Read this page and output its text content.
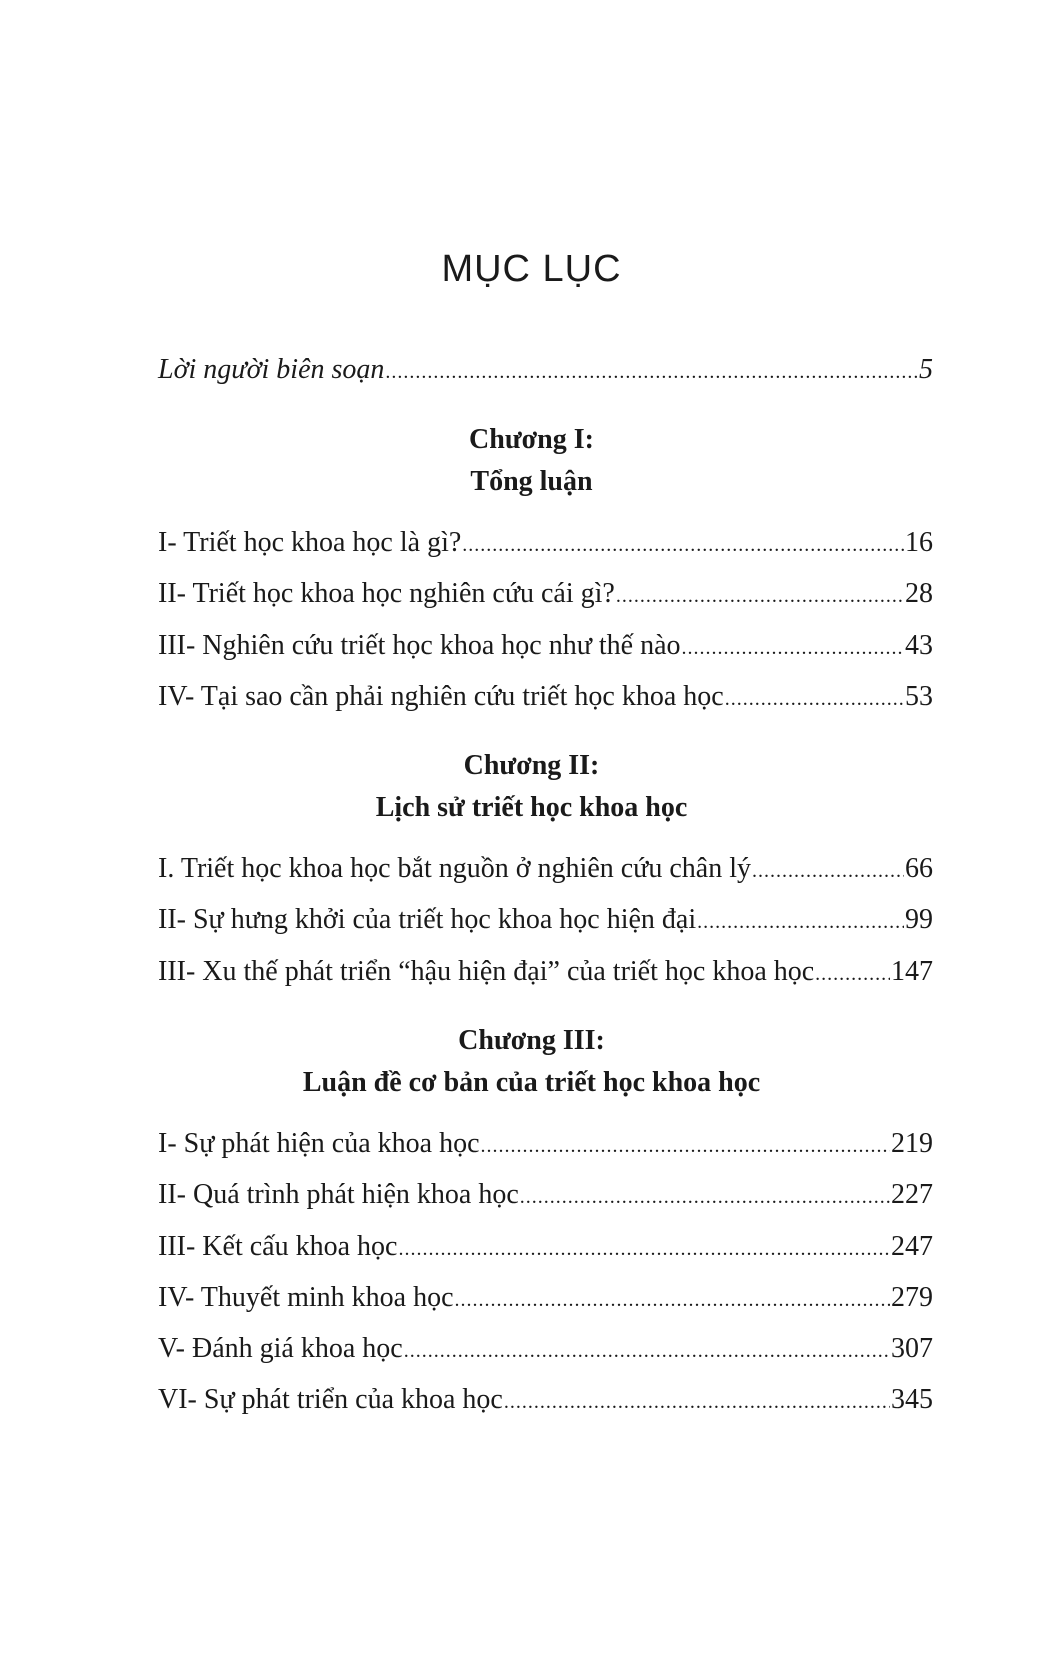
MỤC LỤC
Lời người biên soạn .....	5
Chương I:
Tổng luận
I- Triết học khoa học là gì? .....	16
II- Triết học khoa học nghiên cứu cái gì? .....	28
III- Nghiên cứu triết học khoa học như thế nào .....	43
IV- Tại sao cần phải nghiên cứu triết học khoa học .....	53
Chương II:
Lịch sử triết học khoa học
I. Triết học khoa học bắt nguồn ở nghiên cứu chân lý .....	66
II- Sự hưng khởi của triết học khoa học hiện đại .....	99
III- Xu thế phát triển “hậu hiện đại” của triết học khoa học .....	147
Chương III:
Luận đề cơ bản của triết học khoa học
I- Sự phát hiện của khoa học .....	219
II- Quá trình phát hiện khoa học .....	227
III- Kết cấu khoa học .....	247
IV- Thuyết minh khoa học .....	279
V- Đánh giá khoa học .....	307
VI- Sự phát triển của khoa học .....	345
